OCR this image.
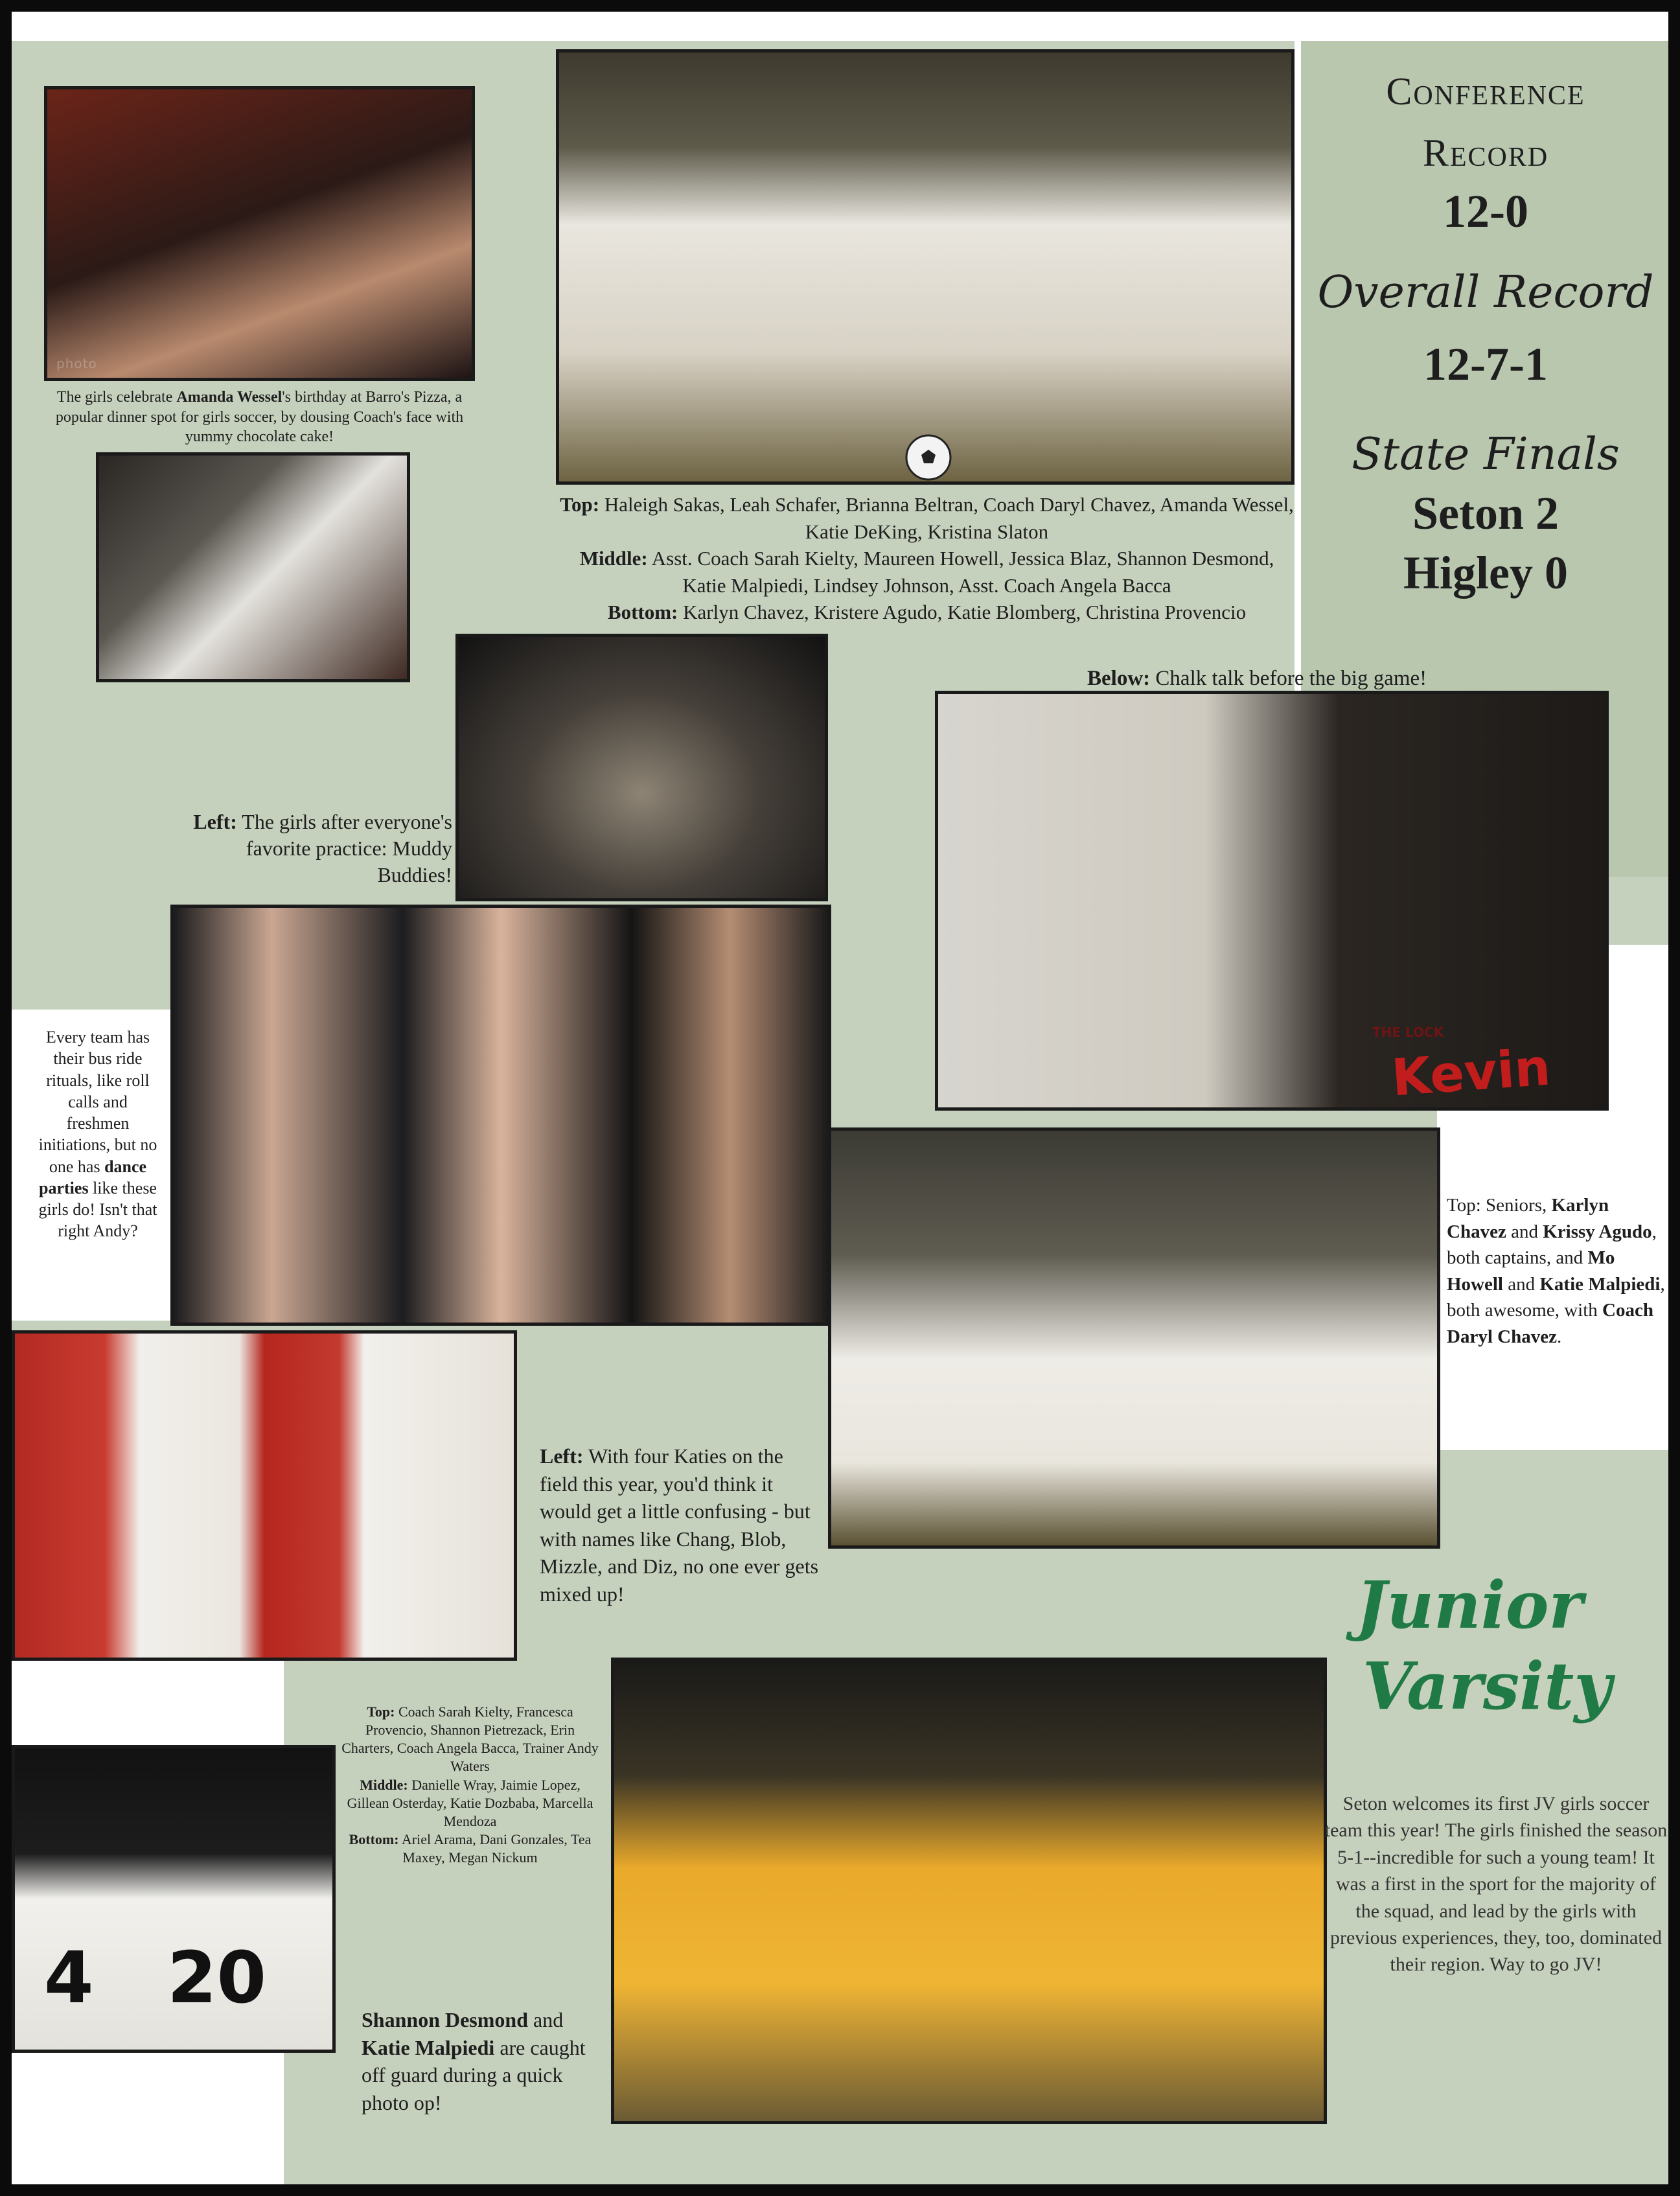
photo
Kevin
THE LOCK
4 20
Conference
Record
12-0
Overall Record
12-7-1
State Finals
Seton 2
Higley 0
The girls celebrate Amanda Wessel's birthday at Barro's Pizza, a popular dinner spot for girls soccer, by dousing Coach's face with yummy chocolate cake!
Top: Haleigh Sakas, Leah Schafer, Brianna Beltran, Coach Daryl Chavez, Amanda Wessel, Katie DeKing, Kristina Slaton
Middle: Asst. Coach Sarah Kielty, Maureen Howell, Jessica Blaz, Shannon Desmond, Katie Malpiedi, Lindsey Johnson, Asst. Coach Angela Bacca
Bottom: Karlyn Chavez, Kristere Agudo, Katie Blomberg, Christina Provencio
Below: Chalk talk before the big game!
Left: The girls after everyone's favorite practice: Muddy Buddies!
Every team has their bus ride rituals, like roll calls and freshmen initiations, but no one has dance parties like these girls do! Isn't that right Andy?
Top: Seniors, Karlyn Chavez and Krissy Agudo, both captains, and Mo Howell and Katie Malpiedi, both awesome, with Coach Daryl Chavez.
Left: With four Katies on the field this year, you'd think it would get a little confusing - but with names like Chang, Blob, Mizzle, and Diz, no one ever gets mixed up!
Top: Coach Sarah Kielty, Francesca Provencio, Shannon Pietrezack, Erin Charters, Coach Angela Bacca, Trainer Andy Waters
Middle: Danielle Wray, Jaimie Lopez, Gillean Osterday, Katie Dozbaba, Marcella Mendoza
Bottom: Ariel Arama, Dani Gonzales, Tea Maxey, Megan Nickum
Shannon Desmond and Katie Malpiedi are caught off guard during a quick photo op!
Junior
Varsity
Seton welcomes its first JV girls soccer team this year! The girls finished the season 5-1--incredible for such a young team! It was a first in the sport for the majority of the squad, and lead by the girls with previous experiences, they, too, dominated their region. Way to go JV!
